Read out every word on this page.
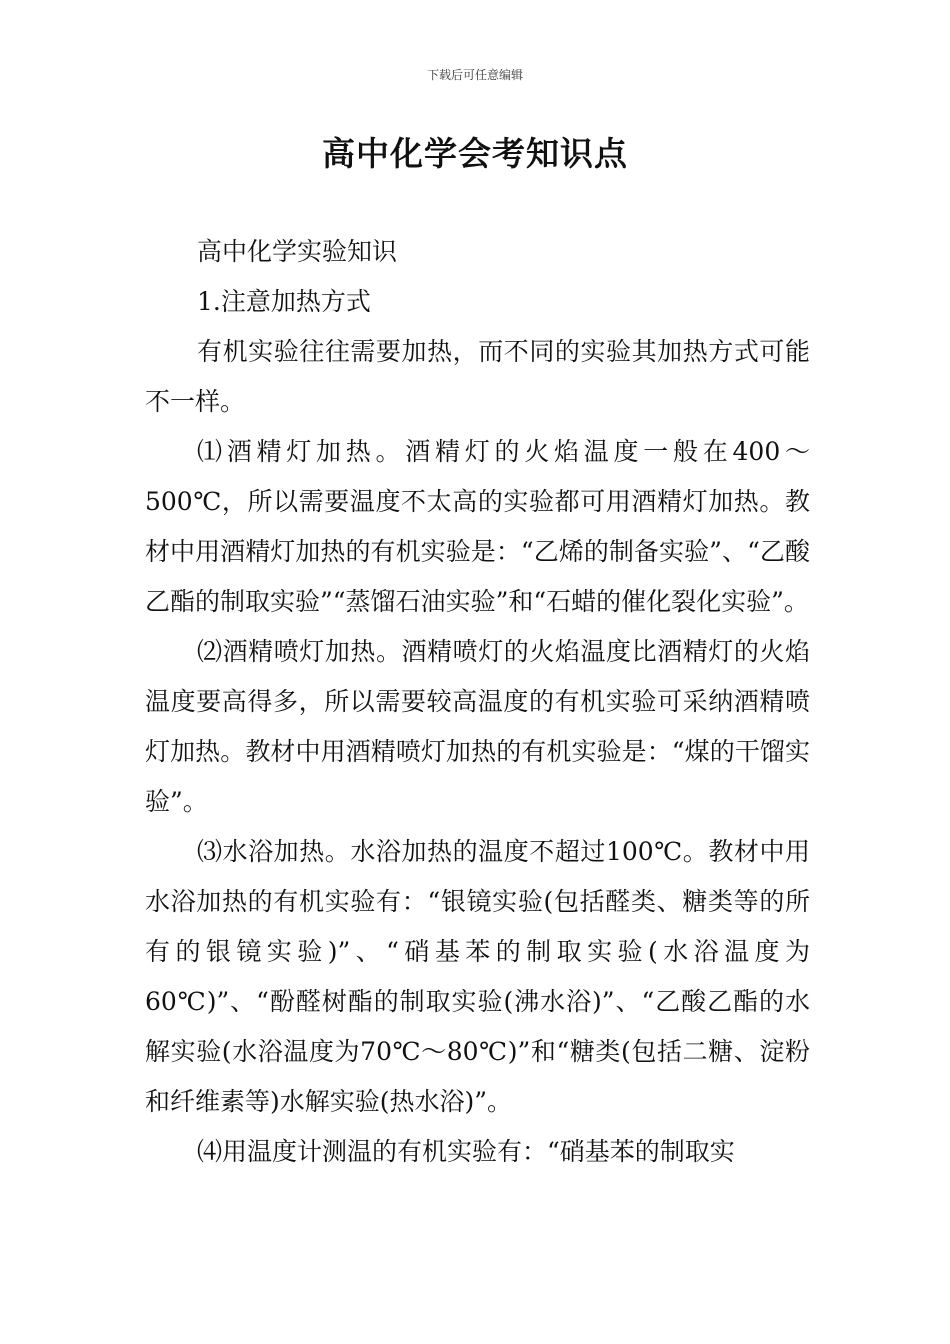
下载后可任意编辑
高中化学会考知识点

高中化学实验知识

1.注意加热方式

有机实验往往需要加热，而不同的实验其加热方式可能不一样。

⑴酒精灯加热。酒精灯的火焰温度一般在400～500℃，所以需要温度不太高的实验都可用酒精灯加热。教材中用酒精灯加热的有机实验是：“乙烯的制备实验”、“乙酸乙酯的制取实验”“蒸馏石油实验”和“石蜡的催化裂化实验”。

⑵酒精喷灯加热。酒精喷灯的火焰温度比酒精灯的火焰温度要高得多，所以需要较高温度的有机实验可采纳酒精喷灯加热。教材中用酒精喷灯加热的有机实验是：“煤的干馏实验”。

⑶水浴加热。水浴加热的温度不超过100℃。教材中用水浴加热的有机实验有：“银镜实验(包括醛类、糖类等的所有的银镜实验)”、“硝基苯的制取实验(水浴温度为60℃)”、“酚醛树酯的制取实验(沸水浴)”、“乙酸乙酯的水解实验(水浴温度为70℃～80℃)”和“糖类(包括二糖、淀粉和纤维素等)水解实验(热水浴)”。

⑷用温度计测温的有机实验有：“硝基苯的制取实
